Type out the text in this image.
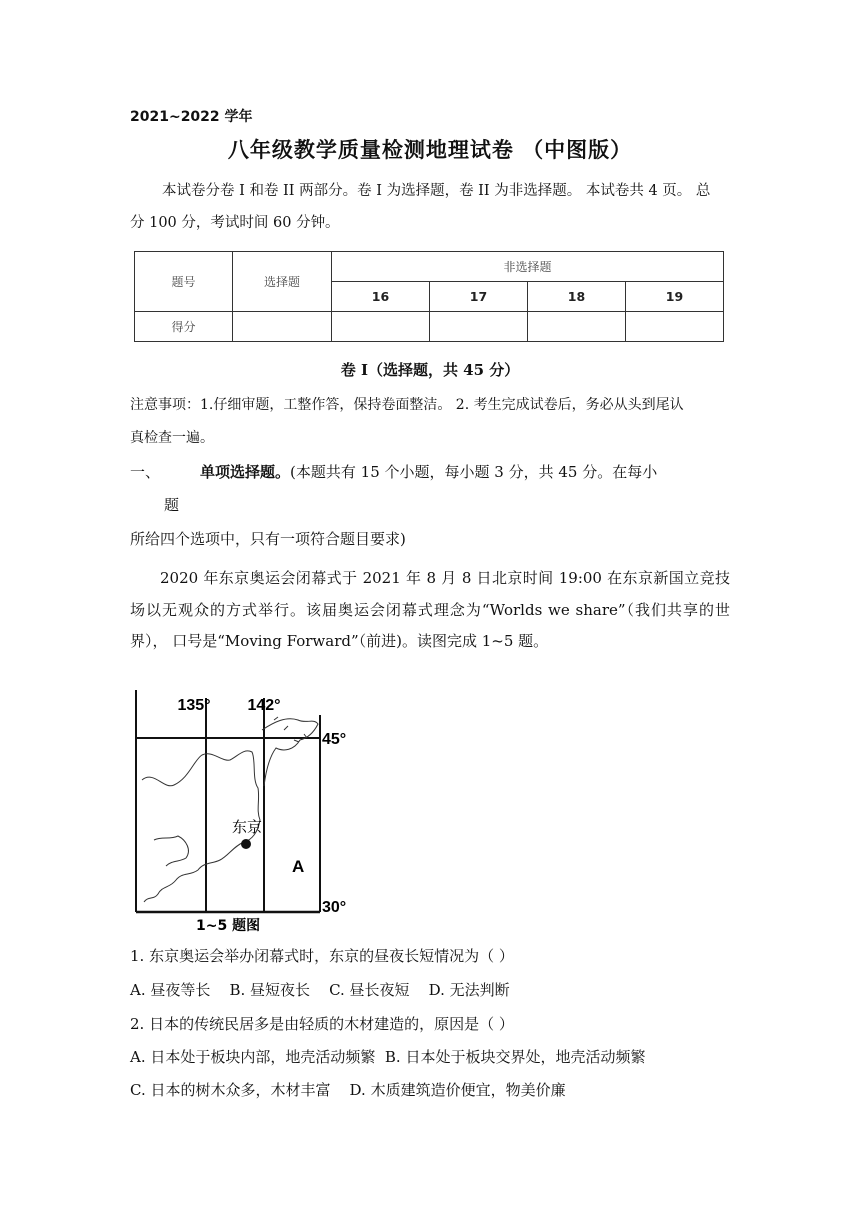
2021~2022 学年
八年级教学质量检测地理试卷 （中图版）
本试卷分卷 I 和卷 II 两部分。卷 I 为选择题，卷 II 为非选择题。 本试卷共 4 页。 总
分 100 分，考试时间 60 分钟。
题号	选择题	非选择题			
		16	17	18	19
得分					
卷 I（选择题，共 45 分）
注意事项：1.仔细审题，工整作答，保持卷面整洁。 2. 考生完成试卷后，务必从头到尾认
真检查一遍。
一、	单项选择题。(本题共有 15 个小题，每小题 3 分，共 45 分。在每小
题
所给四个选项中，只有一项符合题目要求)
2020 年东京奥运会闭幕式于 2021 年 8 月 8 日北京时间 19:00 在东京新国立竞技场以无观众的方式举行。该届奥运会闭幕式理念为“Worlds we share”（我们共享的世界）， 口号是“Moving Forward”（前进)。读图完成 1~5 题。
135° 142°
45°
30°
东京
A
1~5 题图
1. 东京奥运会举办闭幕式时，东京的昼夜长短情况为（ ）
A. 昼夜等长    B. 昼短夜长    C. 昼长夜短    D. 无法判断
2. 日本的传统民居多是由轻质的木材建造的，原因是（ ）
A. 日本处于板块内部，地壳活动频繁  B. 日本处于板块交界处，地壳活动频繁
C. 日本的树木众多，木材丰富    D. 木质建筑造价便宜，物美价廉
